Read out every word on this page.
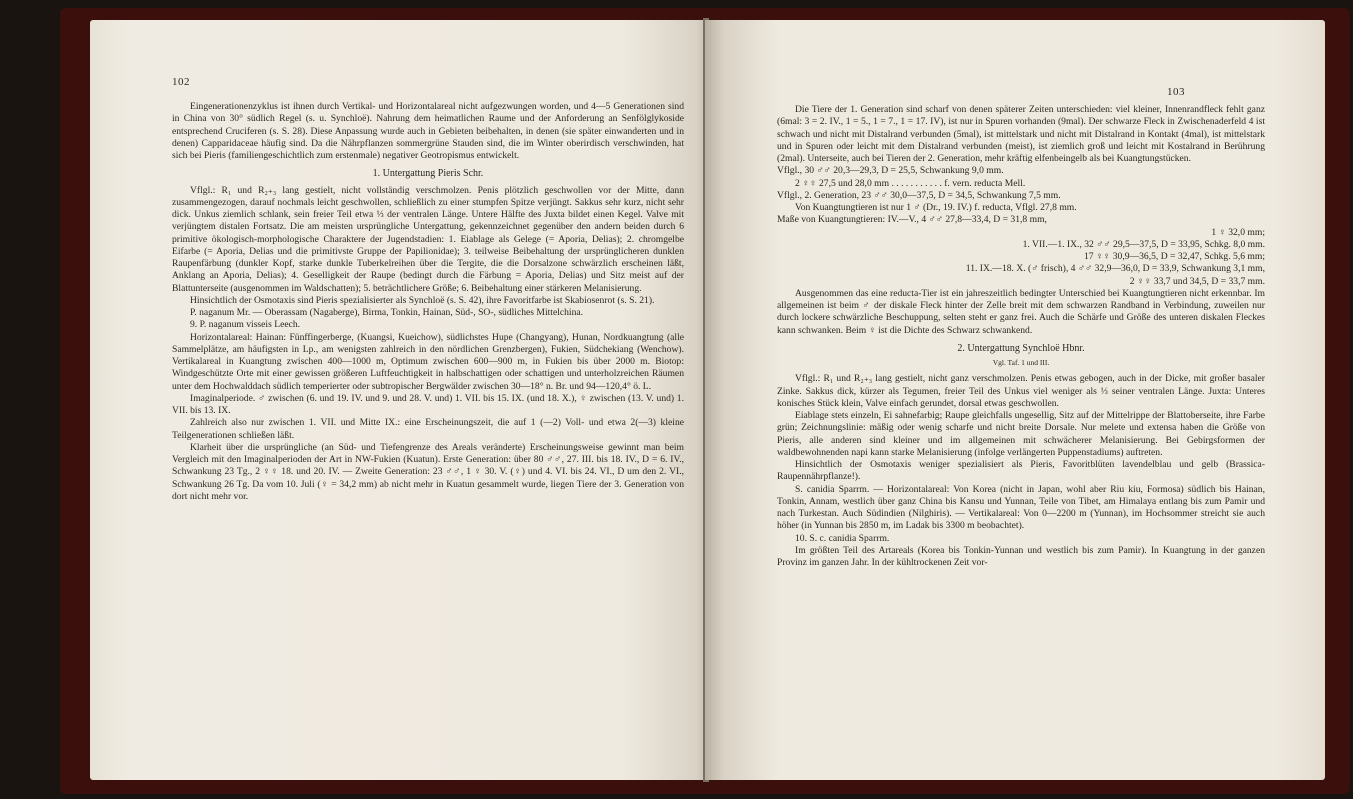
102

Eingenerationenzyklus ist ihnen durch Vertikal- und Horizontalareal nicht aufgezwungen worden, und 4—5 Generationen sind in China von 30° südlich Regel (s. u. Synchloë). Nahrung dem heimatlichen Raume und der Anforderung an Senfölglykoside entsprechend Cruciferen (s. S. 28). Diese Anpassung wurde auch in Gebieten beibehalten, in denen (sie später einwanderten und in denen) Capparidaceae häufig sind. Da die Nährpflanzen sommergrüne Stauden sind, die im Winter oberirdisch verschwinden, hat sich bei Pieris (familiengeschichtlich zum erstenmale) negativer Geotropismus entwickelt.

1. Untergattung Pieris Schr.

Vflgl.: R₁ und R₂₊₃ lang gestielt, nicht vollständig verschmolzen. Penis plötzlich geschwollen vor der Mitte, dann zusammengezogen, darauf nochmals leicht geschwollen, schließlich zu einer stumpfen Spitze verjüngt. Sakkus sehr kurz, nicht sehr dick. Unkus ziemlich schlank, sein freier Teil etwa ⅓ der ventralen Länge. Untere Hälfte des Juxta bildet einen Kegel. Valve mit verjüngtem distalen Fortsatz. Die am meisten ursprüngliche Untergattung, gekennzeichnet gegenüber den andern beiden durch 6 primitive ökologisch-morphologische Charaktere der Jugendstadien: 1. Eiablage als Gelege (= Aporia, Delias); 2. chromgelbe Eifarbe (= Aporia, Delias und die primitivste Gruppe der Papilionidae); 3. teilweise Beibehaltung der ursprünglicheren dunklen Raupenfärbung (dunkler Kopf, starke dunkle Tuberkelreihen über die Tergite, die die Dorsalzone schwärzlich erscheinen läßt, Anklang an Aporia, Delias); 4. Geselligkeit der Raupe (bedingt durch die Färbung = Aporia, Delias) und Sitz meist auf der Blattunterseite (ausgenommen im Waldschatten); 5. beträchtlichere Größe; 6. Beibehaltung einer stärkeren Melanisierung.

Hinsichtlich der Osmotaxis sind Pieris spezialisierter als Synchloë (s. S. 42), ihre Favoritfarbe ist Skabiosenrot (s. S. 21).

P. naganum Mr. — Oberassam (Nagaberge), Birma, Tonkin, Hainan, Süd-, SO-, südliches Mittelchina.

9. P. naganum visseis Leech.

Horizontalareal: Hainan: Fünffingerberge, (Kuangsi, Kueichow), südlichstes Hupe (Changyang), Hunan, Nordkuangtung (alle Sammelplätze, am häufigsten in Lp., am wenigsten zahlreich in den nördlichen Grenzbergen), Fukien, Südchekiang (Wenchow). Vertikalareal in Kuangtung zwischen 400—1000 m, Optimum zwischen 600—900 m, in Fukien bis über 2000 m. Biotop: Windgeschützte Orte mit einer gewissen größeren Luftfeuchtigkeit in halbschattigen oder schattigen und unterholzreichen Räumen unter dem Hochwalddach südlich temperierter oder subtropischer Bergwälder zwischen 30—18° n. Br. und 94—120,4° ö. L.

Imaginalperiode. ♂ zwischen (6. und 19. IV. und 9. und 28. V. und) 1. VII. bis 15. IX. (und 18. X.), ♀ zwischen (13. V. und) 1. VII. bis 13. IX.

Zahlreich also nur zwischen 1. VII. und Mitte IX.: eine Erscheinungszeit, die auf 1 (—2) Voll- und etwa 2(—3) kleine Teilgenerationen schließen läßt.

Klarheit über die ursprüngliche (an Süd- und Tiefengrenze des Areals veränderte) Erscheinungsweise gewinnt man beim Vergleich mit den Imaginalperioden der Art in NW-Fukien (Kuatun). Erste Generation: über 80 ♂♂, 27. III. bis 18. IV., D = 6. IV., Schwankung 23 Tg., 2 ♀♀ 18. und 20. IV. — Zweite Generation: 23 ♂♂, 1 ♀ 30. V. (♀) und 4. VI. bis 24. VI., D um den 2. VI., Schwankung 26 Tg. Da vom 10. Juli (♀ = 34,2 mm) ab nicht mehr in Kuatun gesammelt wurde, liegen Tiere der 3. Generation von dort nicht mehr vor.

103

Die Tiere der 1. Generation sind scharf von denen späterer Zeiten unterschieden: viel kleiner, Innenrandfleck fehlt ganz (6mal: 3 = 2. IV., 1 = 5., 1 = 7., 1 = 17. IV), ist nur in Spuren vorhanden (9mal). Der schwarze Fleck in Zwischenaderfeld 4 ist schwach und nicht mit Distalrand verbunden (5mal), ist mittelstark und nicht mit Distalrand in Kontakt (4mal), ist mittelstark und in Spuren oder leicht mit dem Distalrand verbunden (meist), ist ziemlich groß und leicht mit Kostalrand in Berührung (2mal). Unterseite, auch bei Tieren der 2. Generation, mehr kräftig elfenbeingelb als bei Kuangtungstücken.

Vflgl., 30 ♂♂ 20,3—29,3, D = 25,5, Schwankung 9,0 mm.

2 ♀♀ 27,5 und 28,0 mm . . . . . . . . . . . f. vern. reducta Mell.

Vflgl., 2. Generation, 23 ♂♂ 30,0—37,5, D = 34,5, Schwankung 7,5 mm.

Von Kuangtungtieren ist nur 1 ♂ (Dr., 19. IV.) f. reducta, Vflgl. 27,8 mm.

Maße von Kuangtungtieren: IV.—V., 4 ♂♂ 27,8—33,4, D = 31,8 mm,

1 ♀ 32,0 mm;

1. VII.—1. IX., 32 ♂♂ 29,5—37,5, D = 33,95, Schkg. 8,0 mm.

17 ♀♀ 30,9—36,5, D = 32,47, Schkg. 5,6 mm;

11. IX.—18. X. (♂ frisch), 4 ♂♂ 32,9—36,0, D = 33,9, Schwankung 3,1 mm,

2 ♀♀ 33,7 und 34,5, D = 33,7 mm.

Ausgenommen das eine reducta-Tier ist ein jahreszeitlich bedingter Unterschied bei Kuangtungtieren nicht erkennbar. Im allgemeinen ist beim ♂ der diskale Fleck hinter der Zelle breit mit dem schwarzen Randband in Verbindung, zuweilen nur durch lockere schwärzliche Beschuppung, selten steht er ganz frei. Auch die Schärfe und Größe des unteren diskalen Fleckes kann schwanken. Beim ♀ ist die Dichte des Schwarz schwankend.

2. Untergattung Synchloë Hbnr.

Vgl. Taf. 1 und III.

Vflgl.: R₁ und R₂₊₃ lang gestielt, nicht ganz verschmolzen. Penis etwas gebogen, auch in der Dicke, mit großer basaler Zinke. Sakkus dick, kürzer als Tegumen, freier Teil des Unkus viel weniger als ⅓ seiner ventralen Länge. Juxta: Unteres konisches Stück klein, Valve einfach gerundet, dorsal etwas geschwollen.

Eiablage stets einzeln, Ei sahnefarbig; Raupe gleichfalls ungesellig, Sitz auf der Mittelrippe der Blattoberseite, ihre Farbe grün; Zeichnungslinie: mäßig oder wenig scharfe und nicht breite Dorsale. Nur melete und extensa haben die Größe von Pieris, alle anderen sind kleiner und im allgemeinen mit schwächerer Melanisierung. Bei Gebirgsformen der waldbewohnenden napi kann starke Melanisierung (infolge verlängerten Puppenstadiums) auftreten.

Hinsichtlich der Osmotaxis weniger spezialisiert als Pieris, Favoritblüten lavendelblau und gelb (Brassica-Raupennährpflanze!).

S. canidia Sparrm. — Horizontalareal: Von Korea (nicht in Japan, wohl aber Riu kiu, Formosa) südlich bis Hainan, Tonkin, Annam, westlich über ganz China bis Kansu und Yunnan, Teile von Tibet, am Himalaya entlang bis zum Pamir und nach Turkestan. Auch Südindien (Nilghiris). — Vertikalareal: Von 0—2200 m (Yunnan), im Hochsommer streicht sie auch höher (in Yunnan bis 2850 m, im Ladak bis 3300 m beobachtet).

10. S. c. canidia Sparrm.

Im größten Teil des Artareals (Korea bis Tonkin-Yunnan und westlich bis zum Pamir). In Kuangtung in der ganzen Provinz im ganzen Jahr. In der kühltrockenen Zeit vor-
